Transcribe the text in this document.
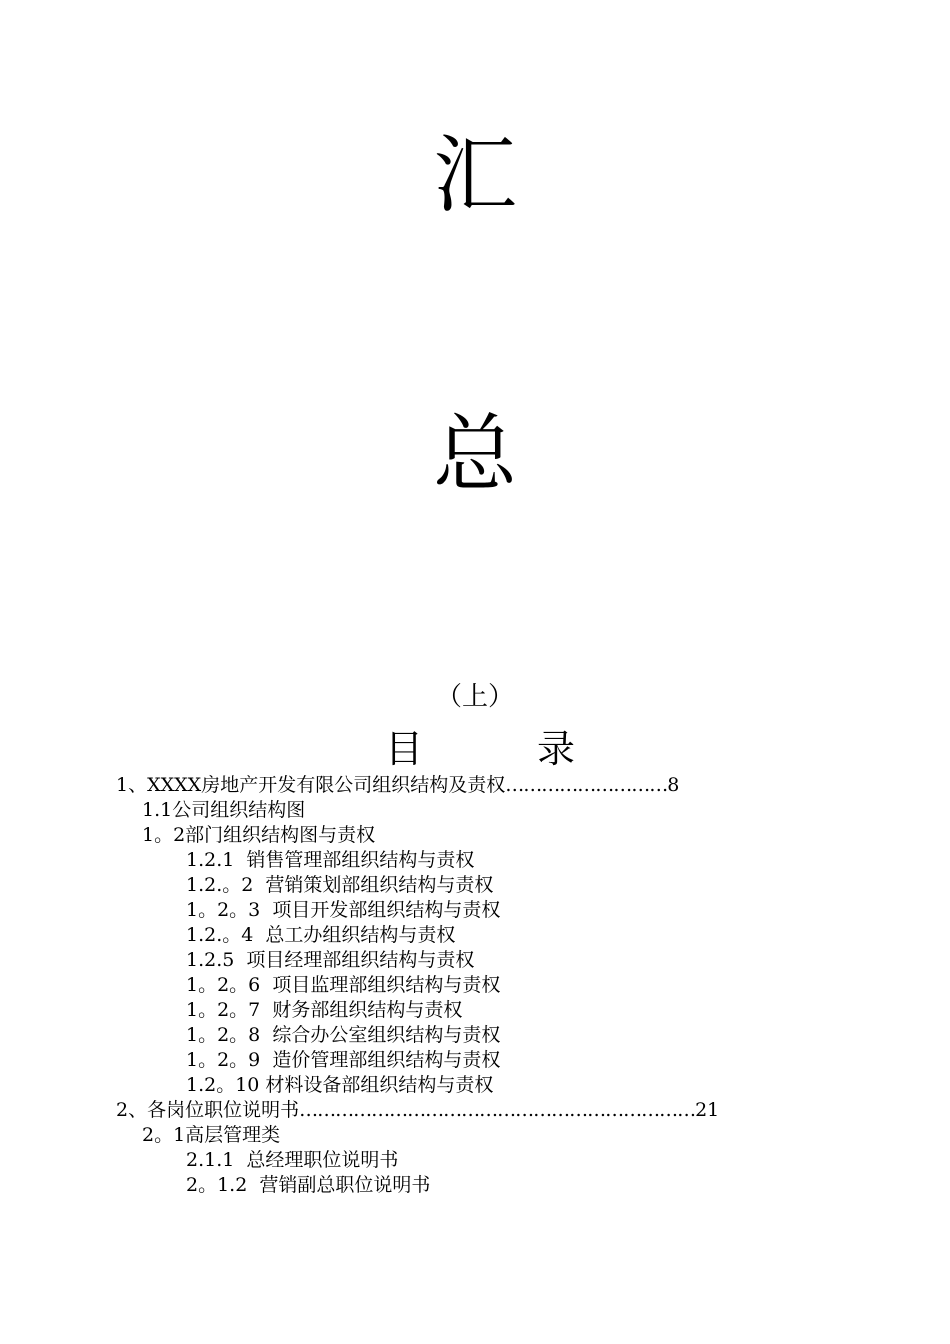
汇
总
（上）
目	录
1、XXXX房地产开发有限公司组织结构及责权………………………8
1.1公司组织结构图
1。2部门组织结构图与责权
1.2.1  销售管理部组织结构与责权
1.2.。2  营销策划部组织结构与责权
1。2。3  项目开发部组织结构与责权
1.2.。4  总工办组织结构与责权
1.2.5  项目经理部组织结构与责权
1。2。6  项目监理部组织结构与责权
1。2。7  财务部组织结构与责权
1。2。8  综合办公室组织结构与责权
1。2。9  造价管理部组织结构与责权
1.2。10 材料设备部组织结构与责权
2、各岗位职位说明书…………………………………………………………21
2。1高层管理类
2.1.1  总经理职位说明书
2。1.2  营销副总职位说明书
